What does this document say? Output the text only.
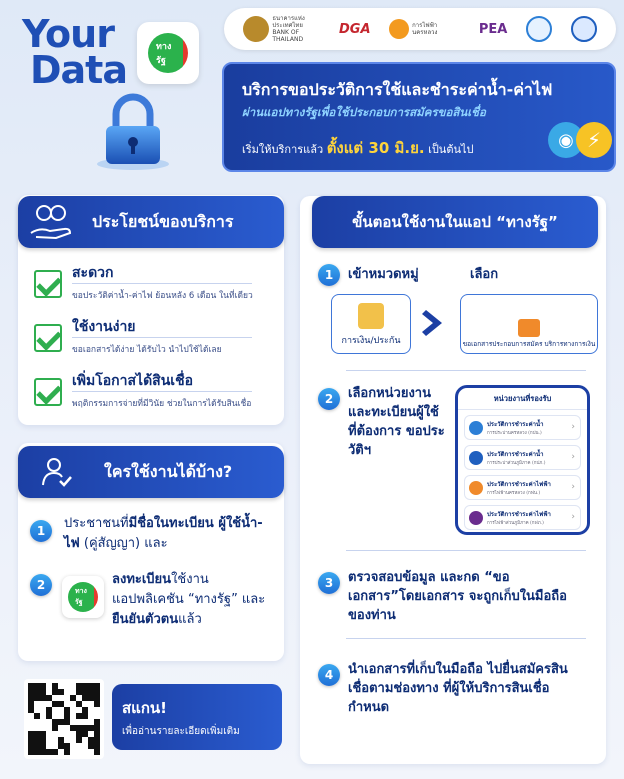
Your
Data
ทางรัฐ
ธนาคารแห่งประเทศไทย BANK OF THAILAND
DGA	การไฟฟ้านครหลวง	PEA
บริการขอประวัติการใช้และชำระค่าน้ำ-ค่าไฟ
ผ่านแอปทางรัฐเพื่อใช้ประกอบการสมัครขอสินเชื่อ
เริ่มให้บริการแล้ว ตั้งแต่ 30 มิ.ย. เป็นต้นไป	◉ ⚡
ประโยชน์ของบริการ
สะดวก
ขอประวัติค่าน้ำ-ค่าไฟ ย้อนหลัง 6 เดือน ในที่เดียว
ใช้งานง่าย
ขอเอกสารได้ง่าย ได้รับไว นำไปใช้ได้เลย
เพิ่มโอกาสได้สินเชื่อ
พฤติกรรมการจ่ายที่มีวินัย ช่วยในการได้รับสินเชื่อ
ใครใช้งานได้บ้าง?
1	ประชาชนที่มีชื่อในทะเบียน ผู้ใช้น้ำ-ไฟ (คู่สัญญา) และ
2	ทางรัฐ
ลงทะเบียนใช้งาน แอปพลิเคชัน “ทางรัฐ” และยืนยันตัวตนแล้ว
สแกน!
เพื่ออ่านรายละเอียดเพิ่มเติม
ขั้นตอนใช้งานในแอป “ทางรัฐ”
1	เข้าหมวดหมู่	เลือก
การเงิน/ประกัน	ขอเอกสารประกอบการสมัคร บริการทางการเงิน
2	เลือกหน่วยงาน และทะเบียนผู้ใช้ ที่ต้องการ ขอประวัติฯ
หน่วยงานที่รองรับ
ประวัติการชำระค่าน้ำ
การประปานครหลวง (กปน.)
›
ประวัติการชำระค่าน้ำ
การประปาส่วนภูมิภาค (กปภ.)
›
ประวัติการชำระค่าไฟฟ้า
การไฟฟ้านครหลวง (กฟน.)
›
ประวัติการชำระค่าไฟฟ้า
การไฟฟ้าส่วนภูมิภาค (กฟภ.)
›
3	ตรวจสอบข้อมูล และกด “ขอเอกสาร”โดยเอกสาร จะถูกเก็บในมือถือของท่าน
4	นำเอกสารที่เก็บในมือถือ ไปยื่นสมัครสินเชื่อตามช่องทาง ที่ผู้ให้บริการสินเชื่อกำหนด
